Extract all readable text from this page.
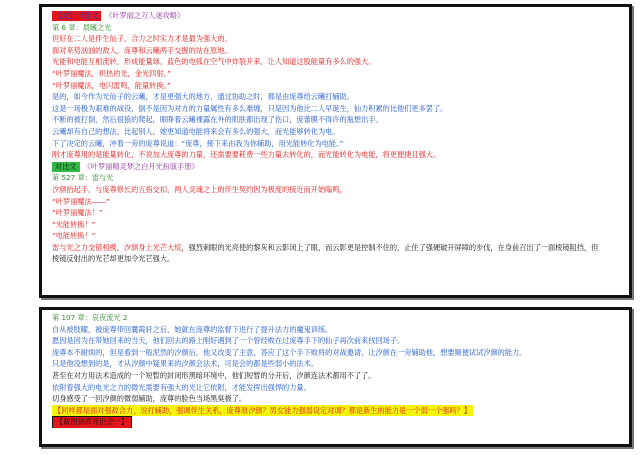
【交】节选文 《叶罗丽之万人迷攻略》
第 6 章：晨曦之光
但好在二人是伴生仙子，合力之时实力才是最为强大的。
面对来势汹汹的敌人，庞尊和云曦两手交握的站在原地。
光能和电能互相流转，形成能量球，蓝色的电弧在空气中炸裂开来，让人知道这股能量有多么的强大。
“叶罗丽魔法，炽热的光，金光四射。”
“叶罗丽魔法，电闪雷鸣，能量转换。”
是的，如今作为光仙子的云曦，才是更强大的地方，通过协助之时，都是由庞尊给云曦打辅助。
这是一场极为艰难的战役，倒不是因为对方的力量属性有多么难缠，只是因为他比二人早诞生，仙力积累的比他们更多罢了。
不断的被打倒，然后很狼的爬起，眼睁着云曦裸露在外的肌肤都出现了伤口，庞蕾膜不得许的瓶想出手。
云曦却有自己的想法，比起别人，她更知道电能将来会有多么的强大，而光能够转化为电。
下了决定的云曦，冲着一旁的庞尊说道：“庞尊，接下来由我为你辅助，用光能转化为电能。”
刚才庞尊用的是能量转化，不说加大庞尊的力量，还需要要耗费一些力量去转化的，而光能转化为电能，将更便捷且强大。
对比文 《叶罗丽精灵梦之白月光扮演手册》
第 527 章：雷与光
汐颜抬起手，与庞尊修长的五指交扣，两人灵魂之上的伴生契约因为极度的接近而开始嗡鸣，
“叶罗丽魔法——”
“叶罗丽魔法！”
“光能转换！”
“电能转换！”
雷与光之力交错相携，汐颜身上光芒大绽，强烈刺眼的光亮使的黎灰和云影闭上了眼，而云影更是控制不住的，止住了强硬破开屏障的步伐，在身前召出了一面棱镜阻挡，但
棱镜反射出的光芒却更加令光芒强大。
第 107 章：哀夜流光 2
自从被肢曜，被庞尊带回曩霞轩之后，她就在庞尊的监督下进行了提升法力的魔鬼训练。
愿因是因为在带她回来的当天，他们回去的路上刚好遇到了一个曾经败在过庞尊手下的仙子再次前来找回场子。
庞尊本不耐烦的，但是看到一般泥然的汐颜后，他又改变了主意，答应了这个手下败将的对战邀请，让汐颜在一旁辅助他，想要顺便试试汐颜的能力。
只是他没想到的是，才从汐颜中疑果来的汐颜会法术，可是会的都是些弱小的法术。
甚至在对方用法术造成的一个短暂的封闭形黑暗环境中，他们短暂的分开后，汐颜连法术都用不了了。
依附着强大的电光之力的微光需要有强大的光让它依附，才能发挥出强悍的力量。
切身感受了一回汐颜的微弱辅助，庞尊的脸色当场黑臭极了。
【同样都是面对强敌合力，说打辅助，强调伴生关系，庞尊原汐颜？男女能力强弱设定对调？都是新生的能力是一个弱一个强吗？】
【截图到底导出会一】
